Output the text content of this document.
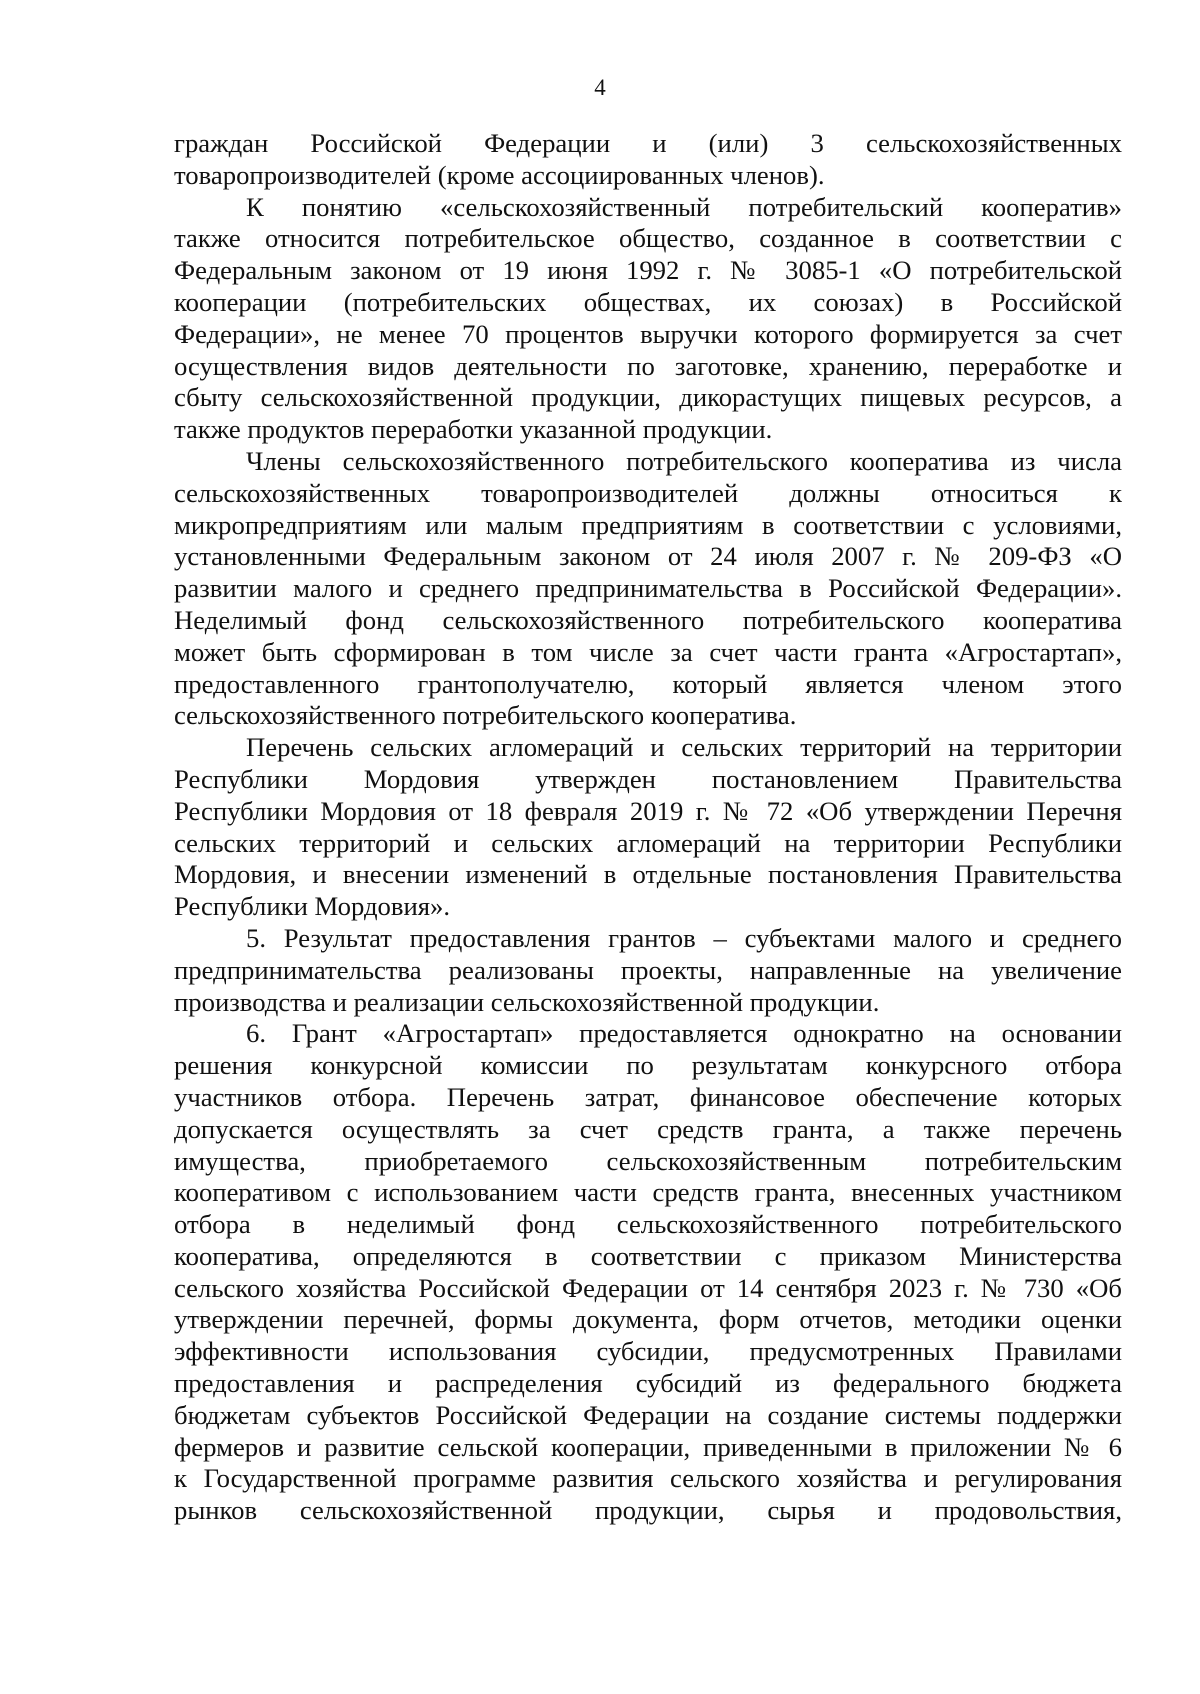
4
граждан Российской Федерации и (или) 3 сельскохозяйственных
товаропроизводителей (кроме ассоциированных членов).
К понятию «сельскохозяйственный потребительский кооператив»
также относится потребительское общество, созданное в соответствии с
Федеральным законом от 19 июня 1992 г. № 3085-1 «О потребительской
кооперации (потребительских обществах, их союзах) в Российской
Федерации», не менее 70 процентов выручки которого формируется за счет
осуществления видов деятельности по заготовке, хранению, переработке и
сбыту сельскохозяйственной продукции, дикорастущих пищевых ресурсов, а
также продуктов переработки указанной продукции.
Члены сельскохозяйственного потребительского кооператива из числа
сельскохозяйственных товаропроизводителей должны относиться к
микропредприятиям или малым предприятиям в соответствии с условиями,
установленными Федеральным законом от 24 июля 2007 г. № 209-ФЗ «О
развитии малого и среднего предпринимательства в Российской Федерации».
Неделимый фонд сельскохозяйственного потребительского кооператива
может быть сформирован в том числе за счет части гранта «Агростартап»,
предоставленного грантополучателю, который является членом этого
сельскохозяйственного потребительского кооператива.
Перечень сельских агломераций и сельских территорий на территории
Республики Мордовия утвержден постановлением Правительства
Республики Мордовия от 18 февраля 2019 г. № 72 «Об утверждении Перечня
сельских территорий и сельских агломераций на территории Республики
Мордовия, и внесении изменений в отдельные постановления Правительства
Республики Мордовия».
5. Результат предоставления грантов – субъектами малого и среднего
предпринимательства реализованы проекты, направленные на увеличение
производства и реализации сельскохозяйственной продукции.
6. Грант «Агростартап» предоставляется однократно на основании
решения конкурсной комиссии по результатам конкурсного отбора
участников отбора. Перечень затрат, финансовое обеспечение которых
допускается осуществлять за счет средств гранта, а также перечень
имущества, приобретаемого сельскохозяйственным потребительским
кооперативом с использованием части средств гранта, внесенных участником
отбора в неделимый фонд сельскохозяйственного потребительского
кооператива, определяются в соответствии с приказом Министерства
сельского хозяйства Российской Федерации от 14 сентября 2023 г. № 730 «Об
утверждении перечней, формы документа, форм отчетов, методики оценки
эффективности использования субсидии, предусмотренных Правилами
предоставления и распределения субсидий из федерального бюджета
бюджетам субъектов Российской Федерации на создание системы поддержки
фермеров и развитие сельской кооперации, приведенными в приложении № 6
к Государственной программе развития сельского хозяйства и регулирования
рынков сельскохозяйственной продукции, сырья и продовольствия,
